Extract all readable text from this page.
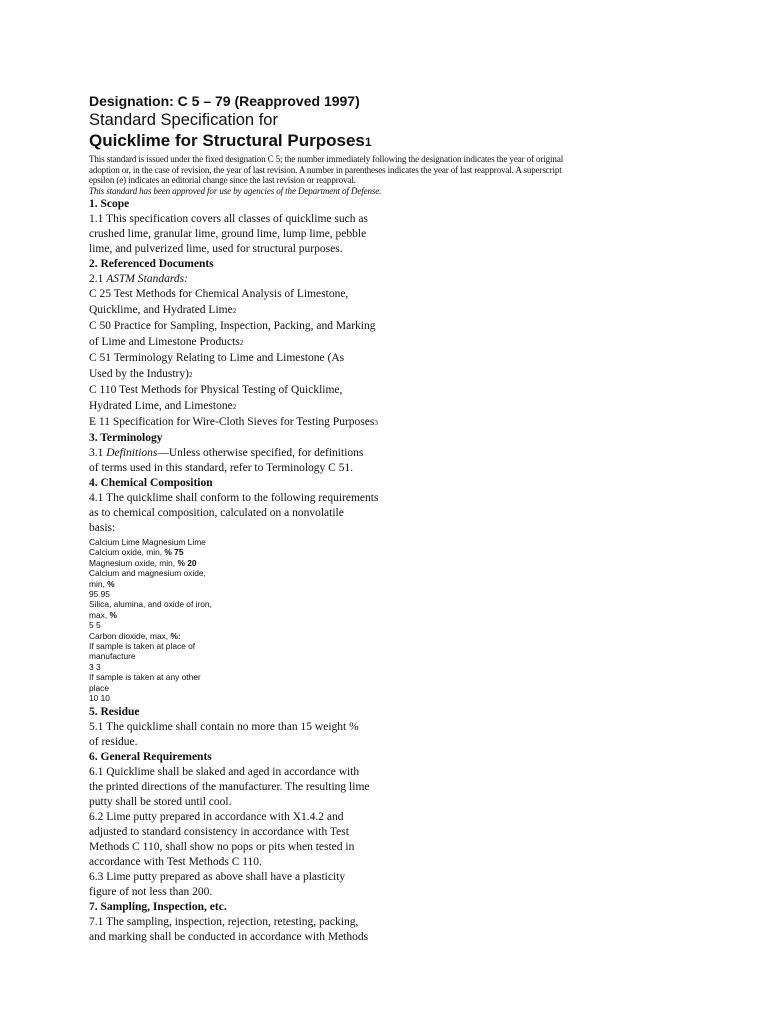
Designation: C 5 – 79 (Reapproved 1997)

Standard Specification for

Quicklime for Structural Purposes1

This standard is issued under the fixed designation C 5; the number immediately following the designation indicates the year of original

adoption or, in the case of revision, the year of last revision. A number in parentheses indicates the year of last reapproval. A superscript

epsilon (e) indicates an editorial change since the last revision or reapproval.

This standard has been approved for use by agencies of the Department of Defense.

1. Scope

1.1 This specification covers all classes of quicklime such as

crushed lime, granular lime, ground lime, lump lime, pebble

lime, and pulverized lime, used for structural purposes.

2. Referenced Documents

2.1 ASTM Standards:

C 25 Test Methods for Chemical Analysis of Limestone,

Quicklime, and Hydrated Lime2

C 50 Practice for Sampling, Inspection, Packing, and Marking

of Lime and Limestone Products2

C 51 Terminology Relating to Lime and Limestone (As

Used by the Industry)2

C 110 Test Methods for Physical Testing of Quicklime,

Hydrated Lime, and Limestone2

E 11 Specification for Wire-Cloth Sieves for Testing Purposes3

3. Terminology

3.1 Definitions—Unless otherwise specified, for definitions

of terms used in this standard, refer to Terminology C 51.

4. Chemical Composition

4.1 The quicklime shall conform to the following requirements

as to chemical composition, calculated on a nonvolatile

basis:

Calcium Lime Magnesium Lime

Calcium oxide, min, % 75

Magnesium oxide, min, % 20

Calcium and magnesium oxide,

min, %

95 95

Silica, alumina, and oxide of iron,

max, %

5 5

Carbon dioxide, max, %:

If sample is taken at place of

manufacture

3 3

If sample is taken at any other

place

10 10

5. Residue

5.1 The quicklime shall contain no more than 15 weight %

of residue.

6. General Requirements

6.1 Quicklime shall be slaked and aged in accordance with

the printed directions of the manufacturer. The resulting lime

putty shall be stored until cool.

6.2 Lime putty prepared in accordance with X1.4.2 and

adjusted to standard consistency in accordance with Test

Methods C 110, shall show no pops or pits when tested in

accordance with Test Methods C 110.

6.3 Lime putty prepared as above shall have a plasticity

figure of not less than 200.

7. Sampling, Inspection, etc.

7.1 The sampling, inspection, rejection, retesting, packing,

and marking shall be conducted in accordance with Methods
